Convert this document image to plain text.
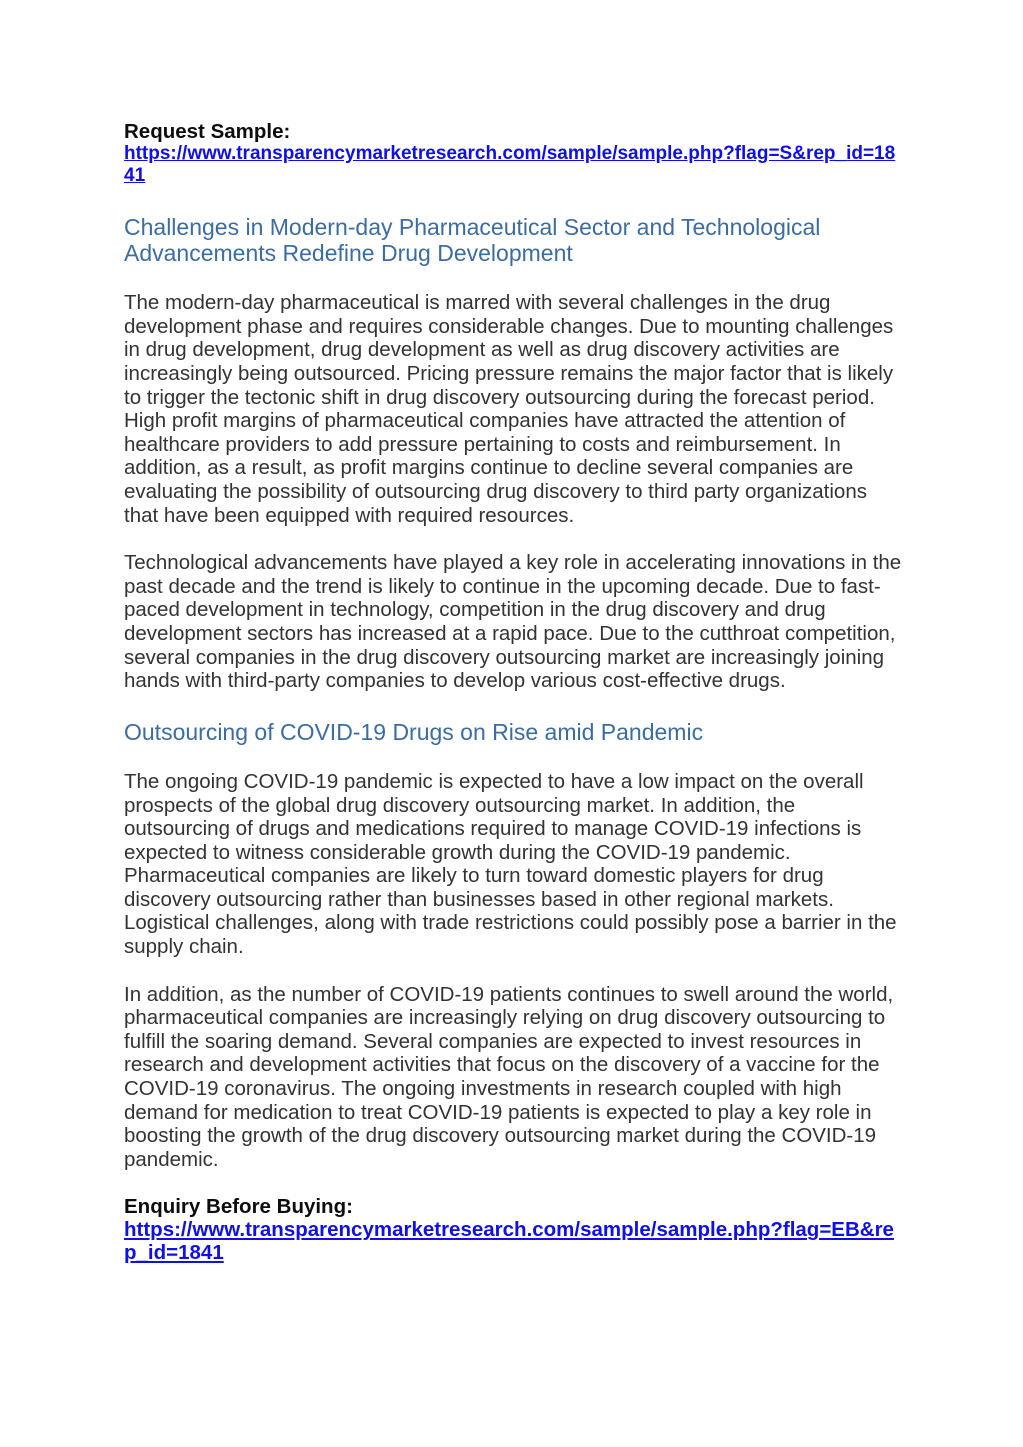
Request Sample:
https://www.transparencymarketresearch.com/sample/sample.php?flag=S&rep_id=1841
Challenges in Modern-day Pharmaceutical Sector and Technological Advancements Redefine Drug Development

The modern-day pharmaceutical is marred with several challenges in the drug development phase and requires considerable changes. Due to mounting challenges in drug development, drug development as well as drug discovery activities are increasingly being outsourced. Pricing pressure remains the major factor that is likely to trigger the tectonic shift in drug discovery outsourcing during the forecast period. High profit margins of pharmaceutical companies have attracted the attention of healthcare providers to add pressure pertaining to costs and reimbursement. In addition, as a result, as profit margins continue to decline several companies are evaluating the possibility of outsourcing drug discovery to third party organizations that have been equipped with required resources.

Technological advancements have played a key role in accelerating innovations in the past decade and the trend is likely to continue in the upcoming decade. Due to fast-paced development in technology, competition in the drug discovery and drug development sectors has increased at a rapid pace. Due to the cutthroat competition, several companies in the drug discovery outsourcing market are increasingly joining hands with third-party companies to develop various cost-effective drugs.

Outsourcing of COVID-19 Drugs on Rise amid Pandemic

The ongoing COVID-19 pandemic is expected to have a low impact on the overall prospects of the global drug discovery outsourcing market. In addition, the outsourcing of drugs and medications required to manage COVID-19 infections is expected to witness considerable growth during the COVID-19 pandemic. Pharmaceutical companies are likely to turn toward domestic players for drug discovery outsourcing rather than businesses based in other regional markets. Logistical challenges, along with trade restrictions could possibly pose a barrier in the supply chain.

In addition, as the number of COVID-19 patients continues to swell around the world, pharmaceutical companies are increasingly relying on drug discovery outsourcing to fulfill the soaring demand. Several companies are expected to invest resources in research and development activities that focus on the discovery of a vaccine for the COVID-19 coronavirus. The ongoing investments in research coupled with high demand for medication to treat COVID-19 patients is expected to play a key role in boosting the growth of the drug discovery outsourcing market during the COVID-19 pandemic.

Enquiry Before Buying:
https://www.transparencymarketresearch.com/sample/sample.php?flag=EB&rep_id=1841
